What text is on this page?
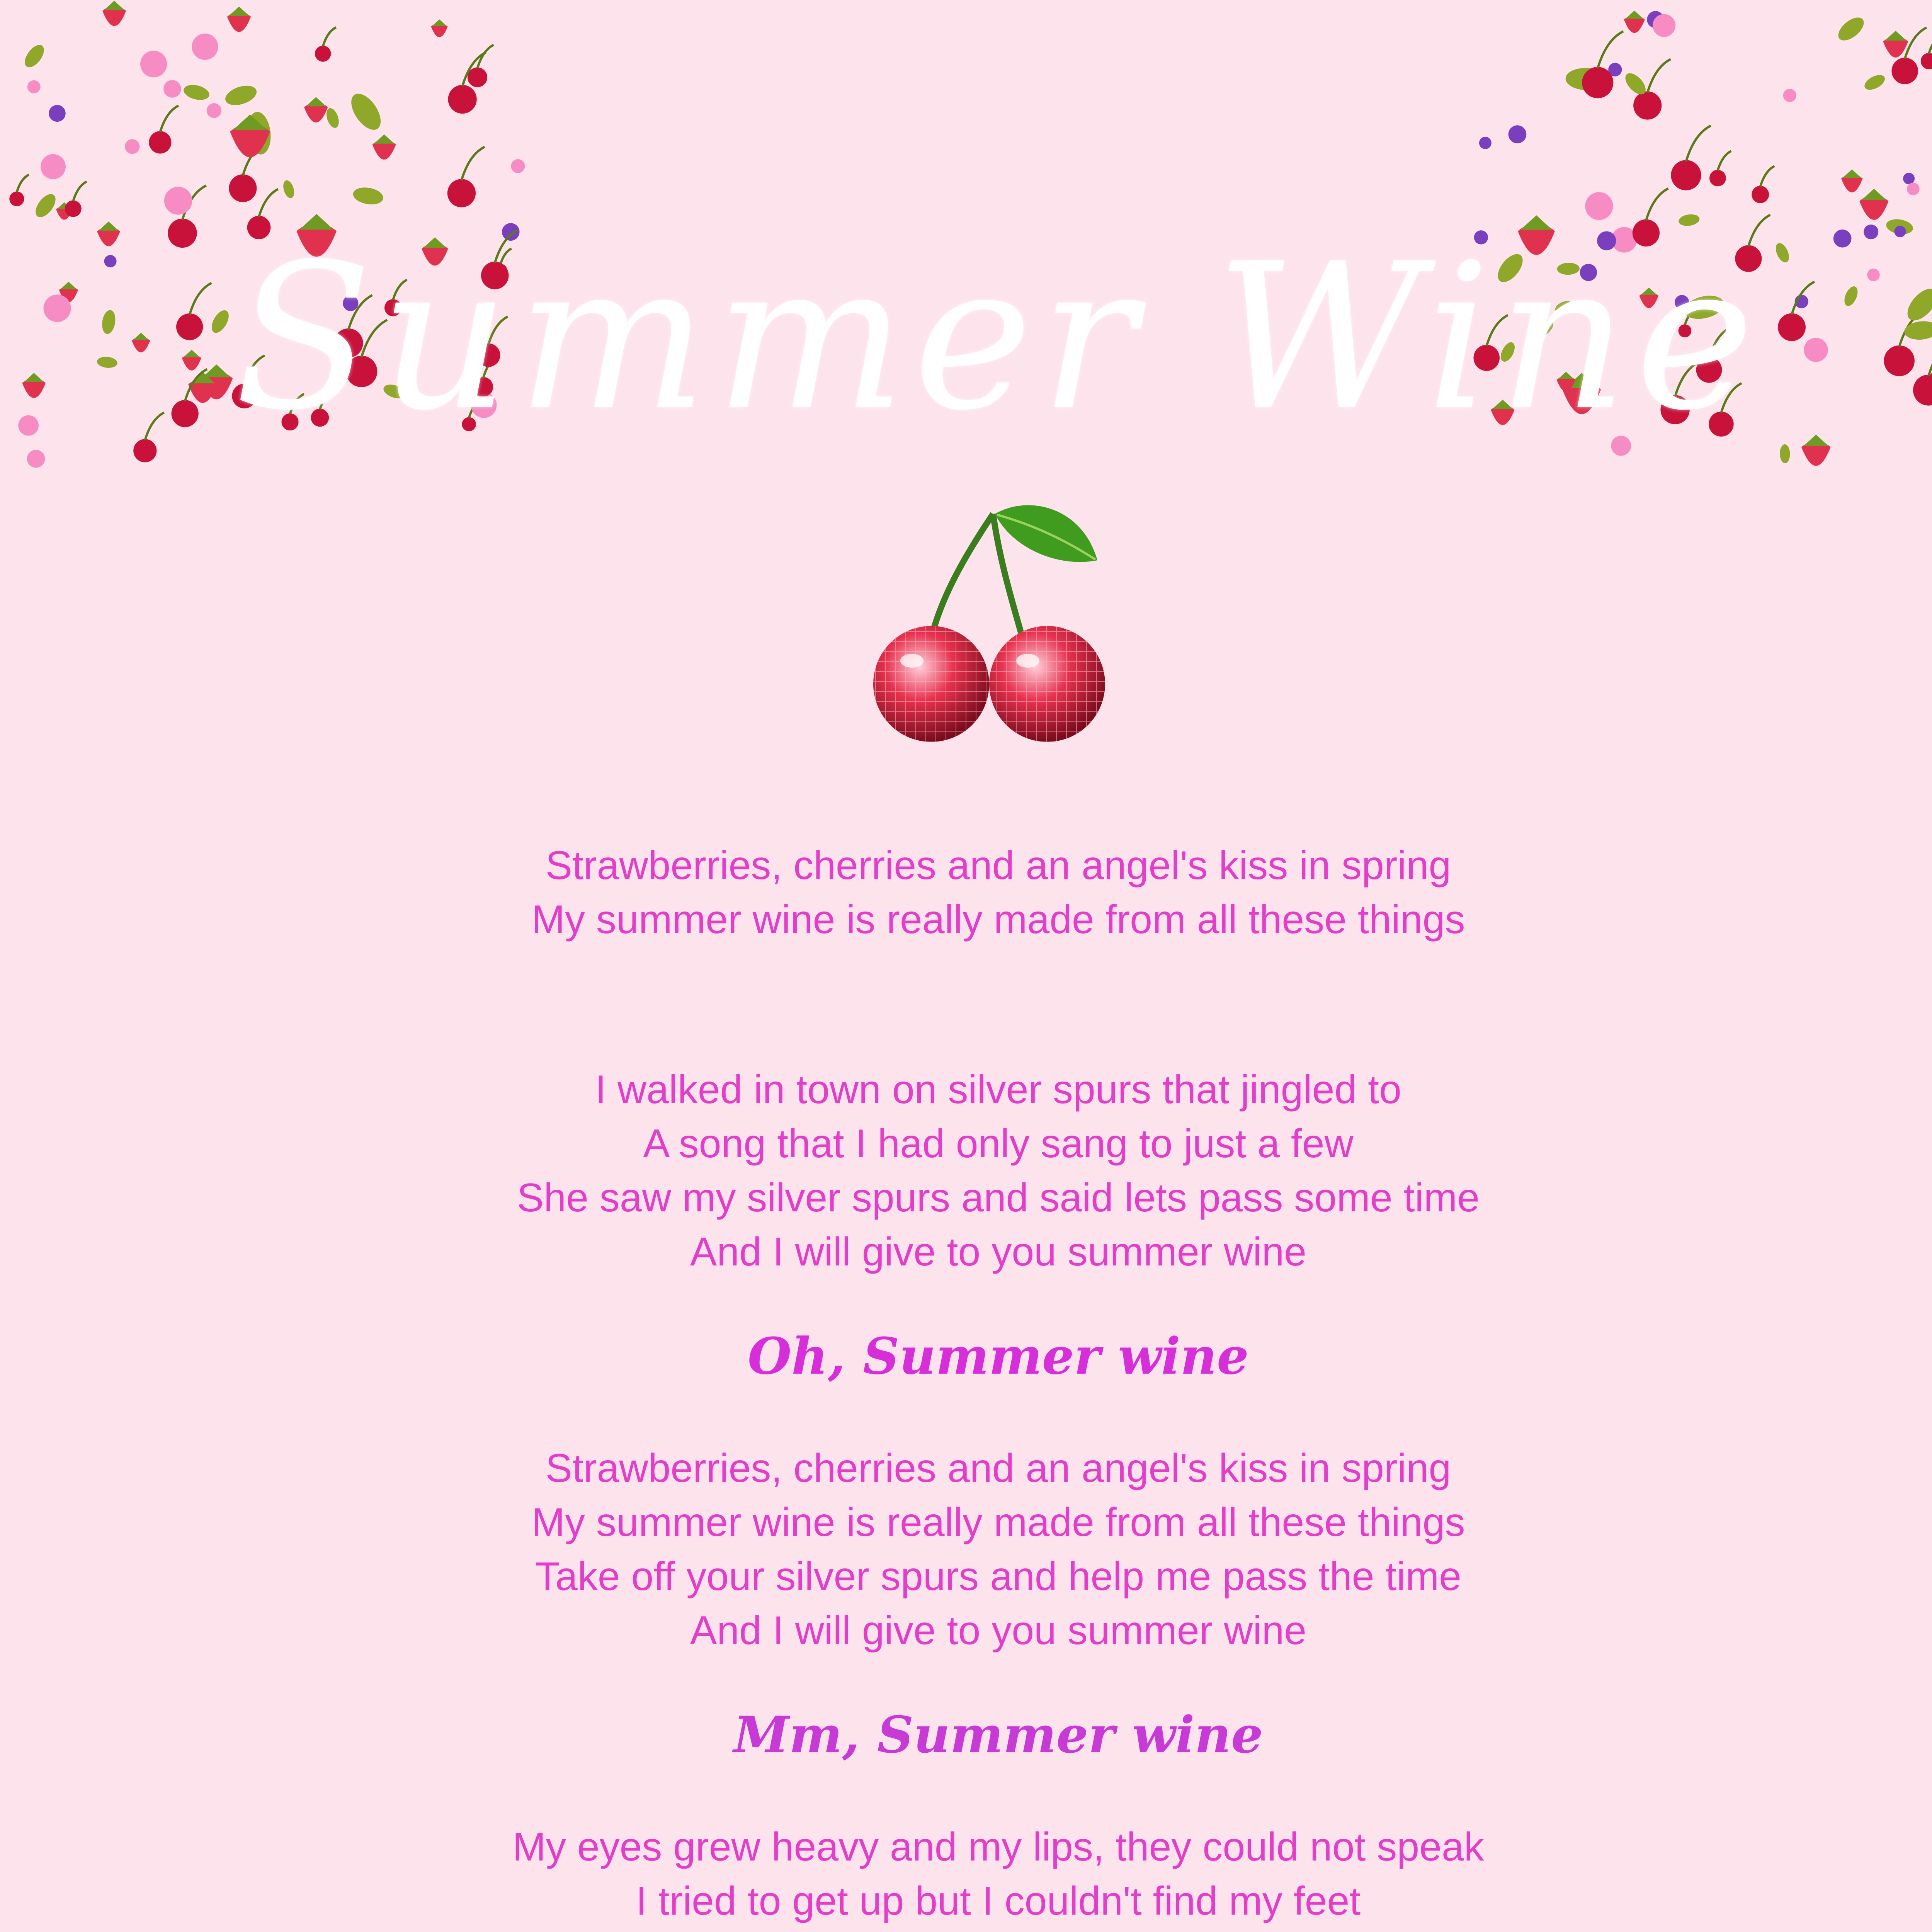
Summer Wine
Strawberries, cherries and an angel's kiss in spring
My summer wine is really made from all these things
I walked in town on silver spurs that jingled to
A song that I had only sang to just a few
She saw my silver spurs and said lets pass some time
And I will give to you summer wine
Oh, Summer wine
Strawberries, cherries and an angel's kiss in spring
My summer wine is really made from all these things
Take off your silver spurs and help me pass the time
And I will give to you summer wine
Mm, Summer wine
My eyes grew heavy and my lips, they could not speak
I tried to get up but I couldn't find my feet
